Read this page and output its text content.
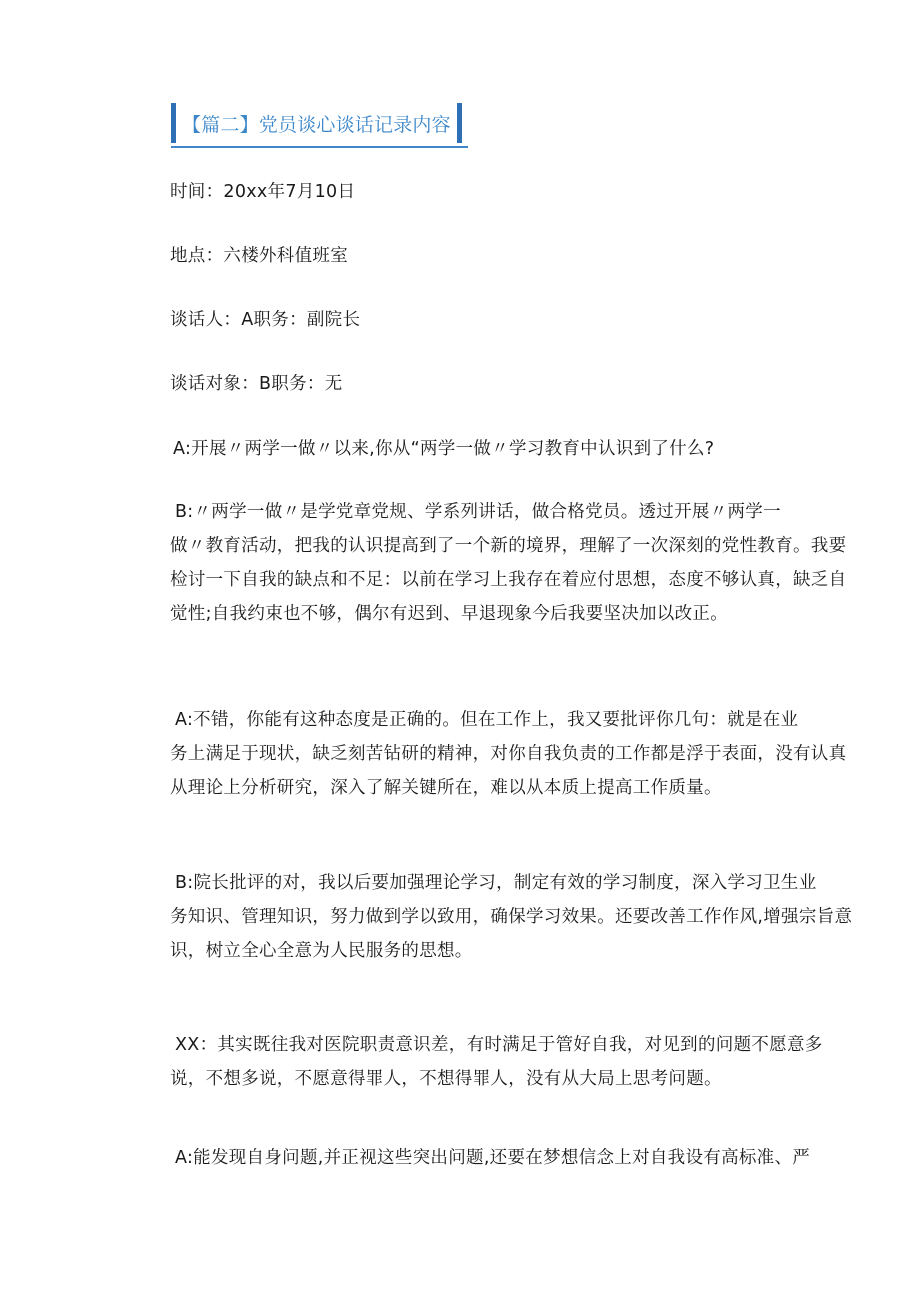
【篇二】党员谈心谈话记录内容
时间：20xx年7月10日
地点：六楼外科值班室
谈话人：A职务：副院长
谈话对象：B职务：无
A:开展〃两学一做〃以来,你从“两学一做〃学习教育中认识到了什么?
B:〃两学一做〃是学党章党规、学系列讲话，做合格党员。透过开展〃两学一
做〃教育活动，把我的认识提高到了一个新的境界，理解了一次深刻的党性教育。我要
检讨一下自我的缺点和不足：以前在学习上我存在着应付思想，态度不够认真，缺乏自
觉性;自我约束也不够，偶尔有迟到、早退现象今后我要坚决加以改正。
A:不错，你能有这种态度是正确的。但在工作上，我又要批评你几句：就是在业
务上满足于现状，缺乏刻苦钻研的精神，对你自我负责的工作都是浮于表面，没有认真
从理论上分析研究，深入了解关键所在，难以从本质上提高工作质量。
B:院长批评的对，我以后要加强理论学习，制定有效的学习制度，深入学习卫生业
务知识、管理知识，努力做到学以致用，确保学习效果。还要改善工作作风,增强宗旨意
识，树立全心全意为人民服务的思想。
XX：其实既往我对医院职责意识差，有时满足于管好自我，对见到的问题不愿意多
说，不想多说，不愿意得罪人，不想得罪人，没有从大局上思考问题。
A:能发现自身问题,并正视这些突出问题,还要在梦想信念上对自我设有高标准、严
